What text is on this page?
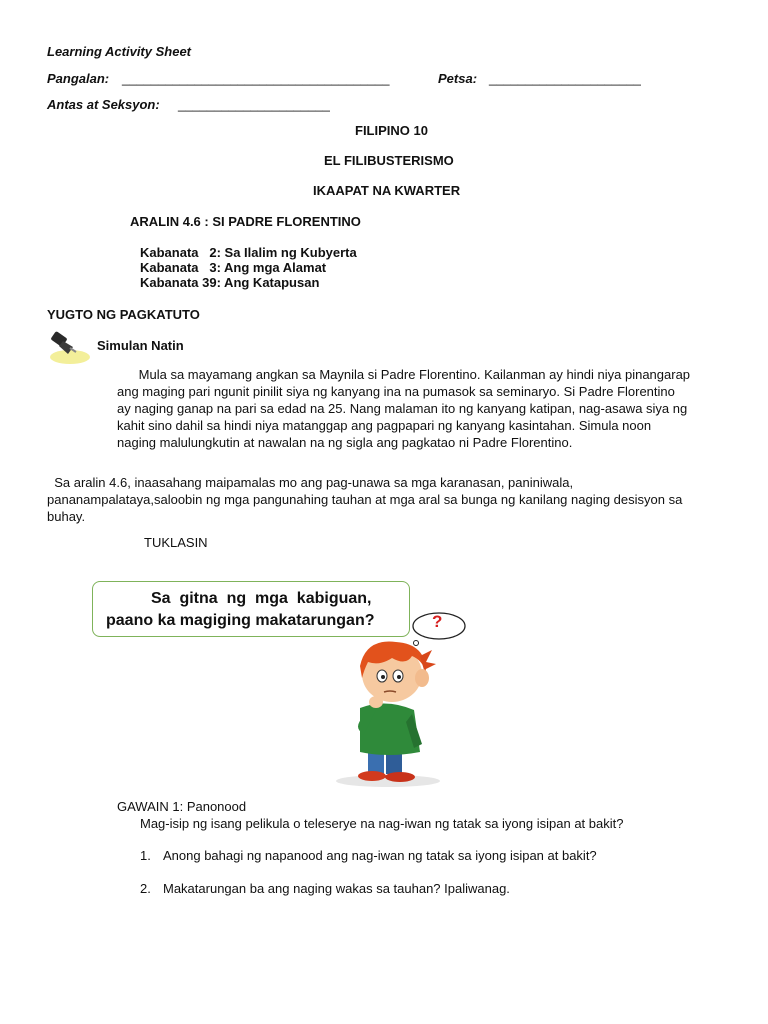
Learning Activity Sheet
Pangalan: _____________________________________	Petsa: _____________________
Antas at Seksyon: _____________________
FILIPINO 10
EL FILIBUSTERISMO
IKAAPAT NA KWARTER
ARALIN 4.6 : SI PADRE FLORENTINO
Kabanata   2: Sa Ilalim ng Kubyerta
Kabanata   3: Ang mga Alamat
Kabanata 39: Ang Katapusan
YUGTO NG PAGKATUTO
Simulan Natin
Mula sa mayamang angkan sa Maynila si Padre Florentino. Kailanman ay hindi niya pinangarap
ang maging pari ngunit pinilit siya ng kanyang ina na pumasok sa seminaryo. Si Padre Florentino
ay naging ganap na pari sa edad na 25. Nang malaman ito ng kanyang katipan, nag-asawa siya ng
kahit sino dahil sa hindi niya matanggap ang pagpapari ng kanyang kasintahan. Simula noon
naging malulungkutin at nawalan na ng sigla ang pagkatao ni Padre Florentino.
Sa aralin 4.6, inaasahang maipamalas mo ang pag-unawa sa mga karanasan, paniniwala,
pananampalataya,saloobin ng mga pangunahing tauhan at mga aral sa bunga ng kanilang naging desisyon sa
buhay.
TUKLASIN
Sa  gitna  ng  mga  kabiguan,
paano ka magiging makatarungan?	?
GAWAIN 1: Panonood
Mag-isip ng isang pelikula o teleserye na nag-iwan ng tatak sa iyong isipan at bakit?
1. Anong bahagi ng napanood ang nag-iwan ng tatak sa iyong isipan at bakit?
2. Makatarungan ba ang naging wakas sa tauhan? Ipaliwanag.
